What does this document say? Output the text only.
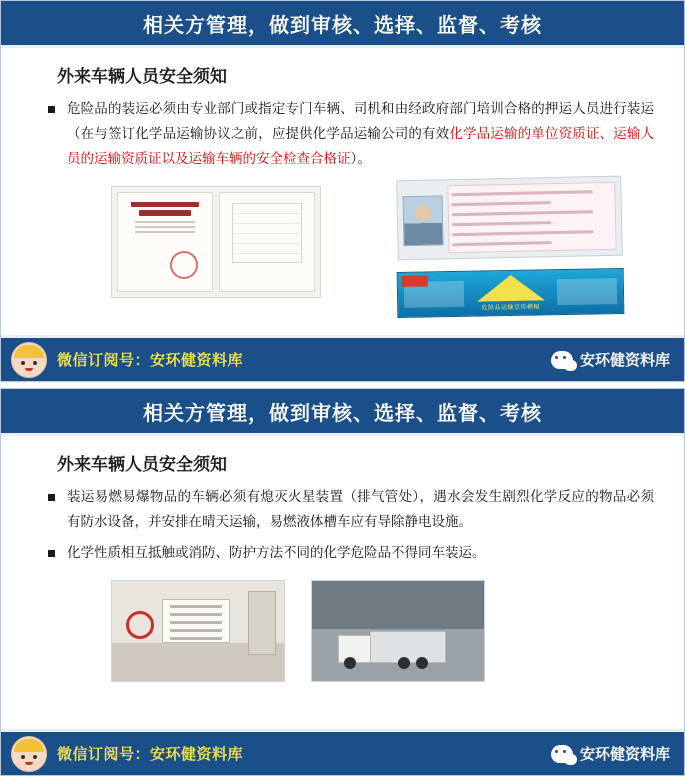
相关方管理，做到审核、选择、监督、考核
外来车辆人员安全须知
危险品的装运必须由专业部门或指定专门车辆、司机和由经政府部门培训合格的押运人员进行装运（在与签订化学品运输协议之前，应提供化学品运输公司的有效化学品运输的单位资质证、运输人员的运输资质证以及运输车辆的安全检查合格证）。
危险品运输宣传横幅
微信订阅号：安环健资料库	安环健资料库
相关方管理，做到审核、选择、监督、考核
外来车辆人员安全须知
装运易燃易爆物品的车辆必须有熄灭火星装置（排气管处），遇水会发生剧烈化学反应的物品必须有防水设备，并安排在晴天运输，易燃液体槽车应有导除静电设施。
化学性质相互抵触或消防、防护方法不同的化学危险品不得同车装运。
微信订阅号：安环健资料库	安环健资料库
